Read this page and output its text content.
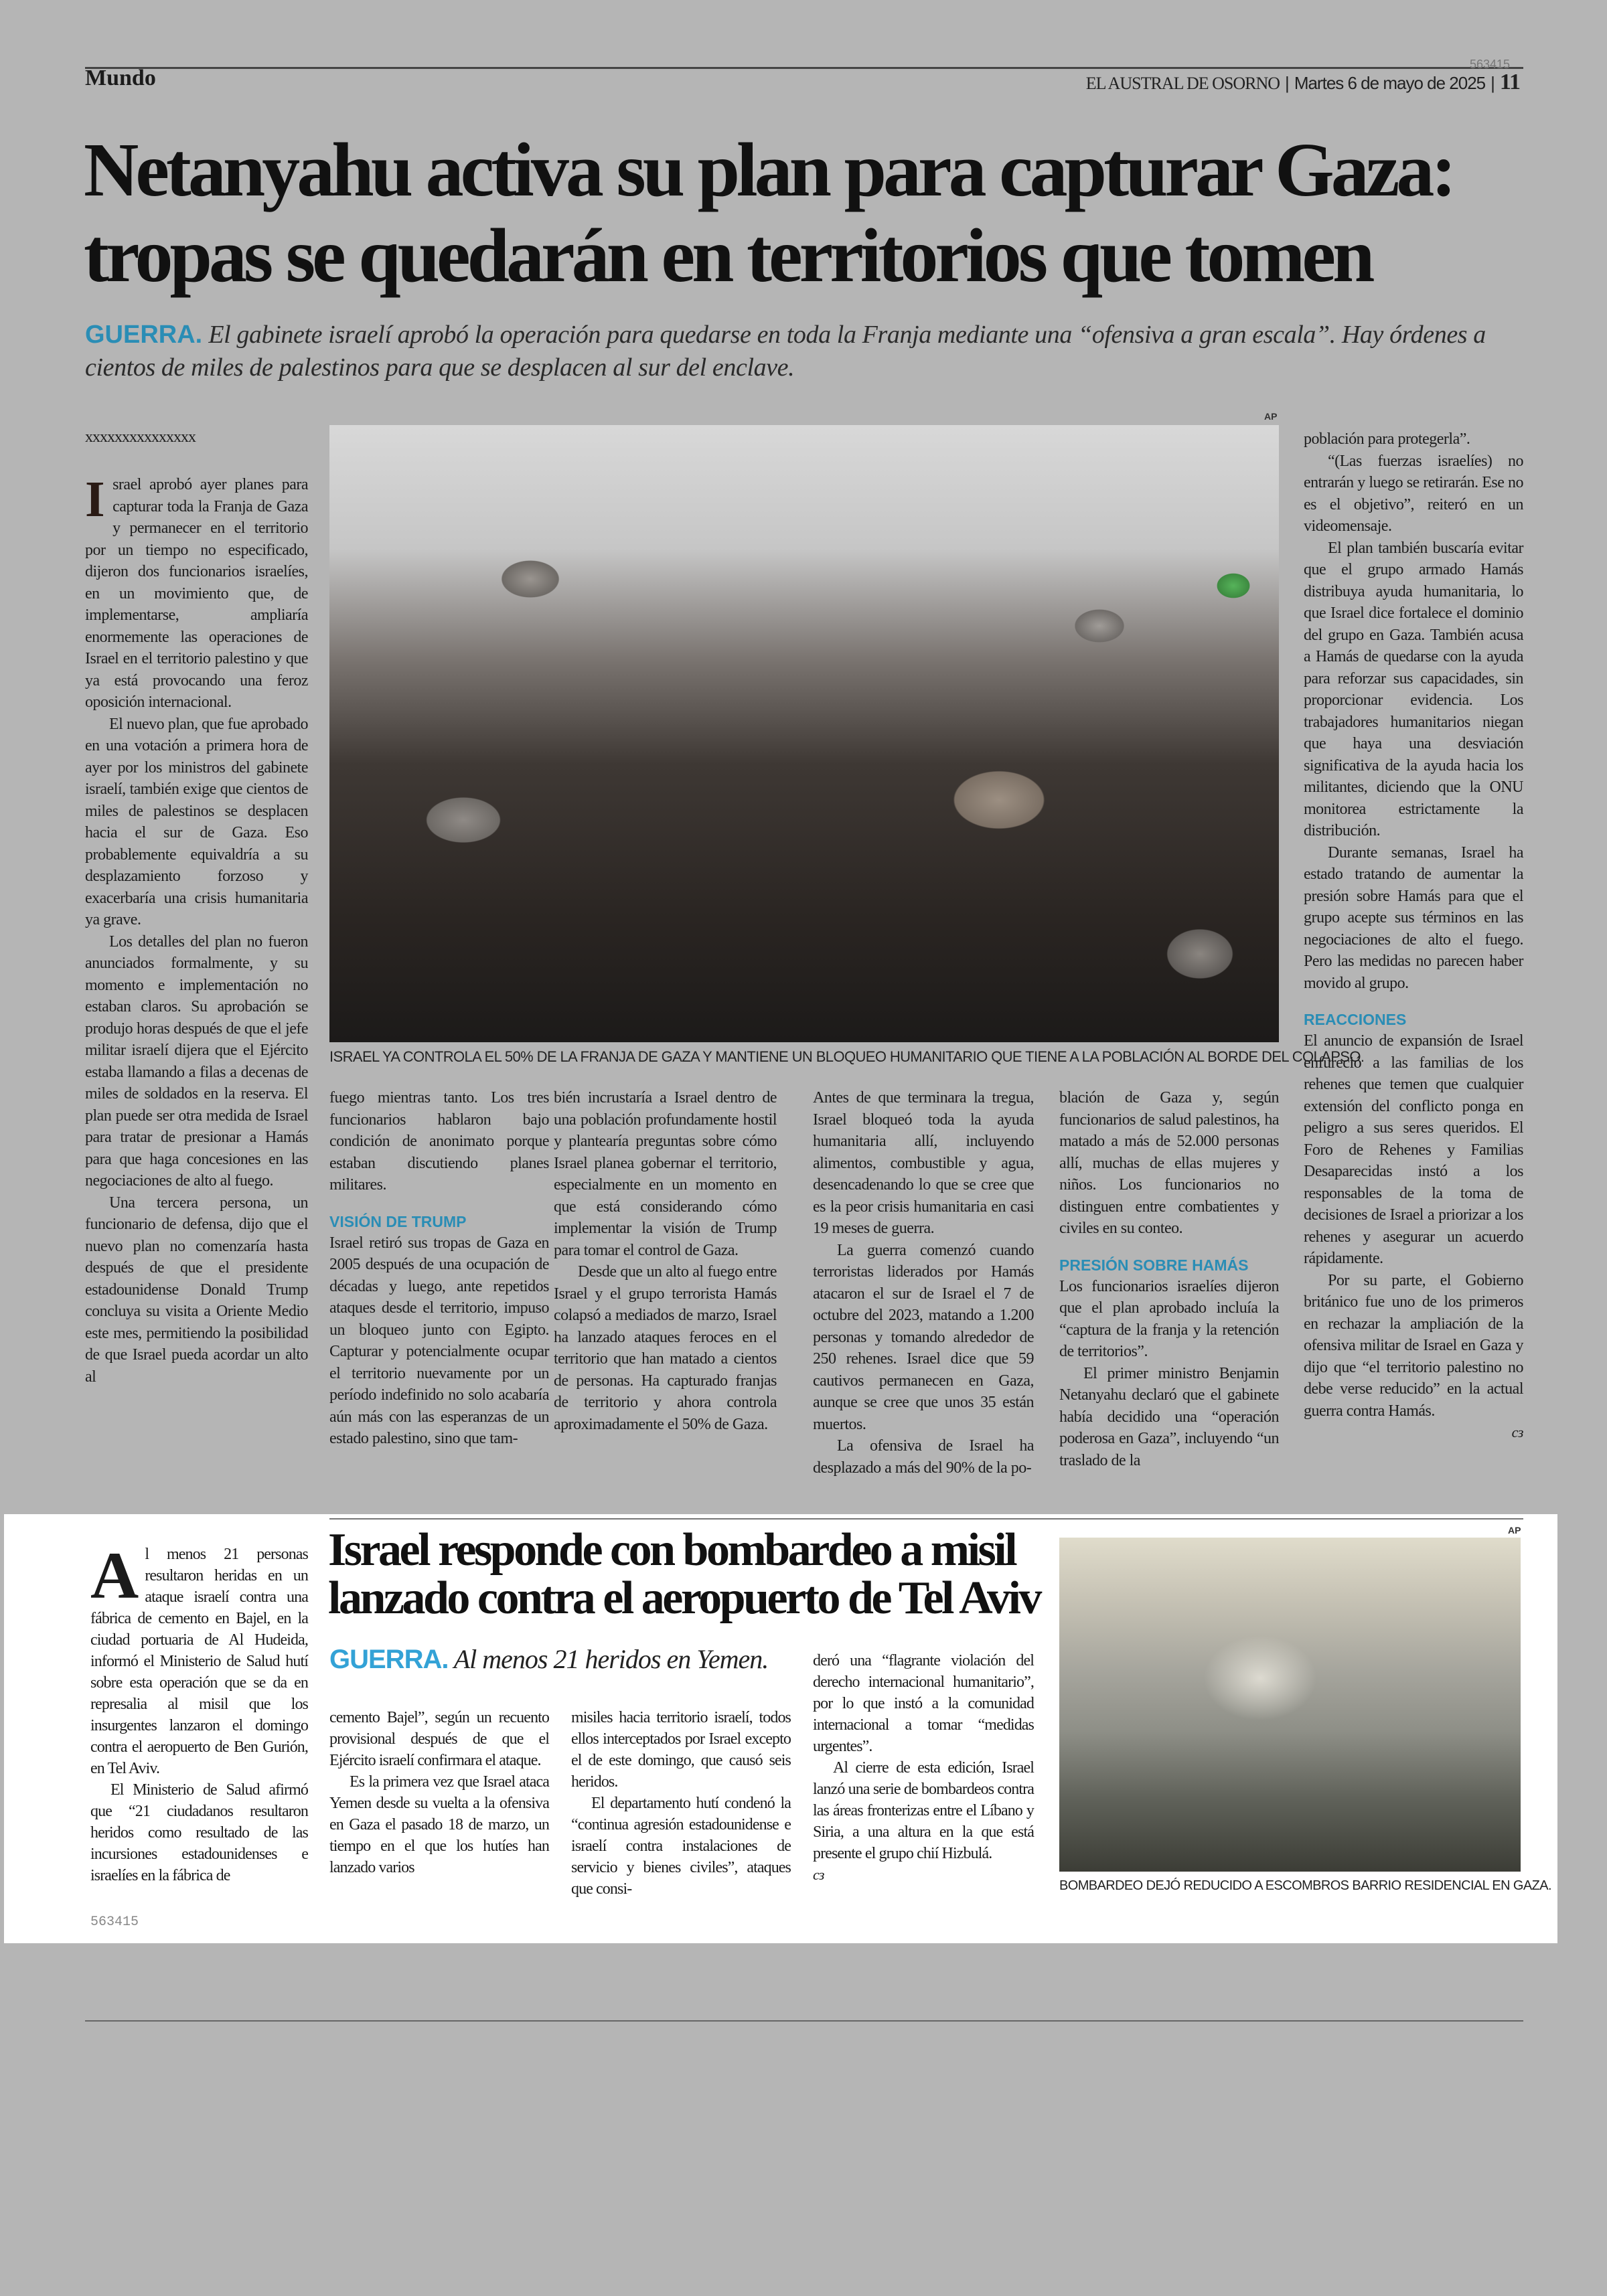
Mundo
563415
EL AUSTRAL DE OSORNO | Martes 6 de mayo de 2025 | 11
Netanyahu activa su plan para capturar Gaza:
tropas se quedarán en territorios que tomen
GUERRA. El gabinete israelí aprobó la operación para quedarse en toda la Franja mediante una “ofensiva a gran escala”. Hay órdenes a cientos de miles de palestinos para que se desplacen al sur del enclave.
xxxxxxxxxxxxxxx
I srael aprobó ayer planes para capturar toda la Franja de Gaza y permanecer en el territorio por un tiempo no especificado, dijeron dos funcionarios israelíes, en un movimiento que, de implementarse, ampliaría enormemente las operaciones de Israel en el territorio palestino y que ya está provocando una feroz oposición internacional.

El nuevo plan, que fue aprobado en una votación a primera hora de ayer por los ministros del gabinete israelí, también exige que cientos de miles de palestinos se desplacen hacia el sur de Gaza. Eso probablemente equivaldría a su desplazamiento forzoso y exacerbaría una crisis humanitaria ya grave.

Los detalles del plan no fueron anunciados formalmente, y su momento e implementación no estaban claros. Su aprobación se produjo horas después de que el jefe militar israelí dijera que el Ejército estaba llamando a filas a decenas de miles de soldados en la reserva. El plan puede ser otra medida de Israel para tratar de presionar a Hamás para que haga concesiones en las negociaciones de alto al fuego.

Una tercera persona, un funcionario de defensa, dijo que el nuevo plan no comenzaría hasta después de que el presidente estadounidense Donald Trump concluya su visita a Oriente Medio este mes, permitiendo la posibilidad de que Israel pueda acordar un alto al

AP
ISRAEL YA CONTROLA EL 50% DE LA FRANJA DE GAZA Y MANTIENE UN BLOQUEO HUMANITARIO QUE TIENE A LA POBLACIÓN AL BORDE DEL COLAPSO.

fuego mientras tanto. Los tres funcionarios hablaron bajo condición de anonimato porque estaban discutiendo planes militares.

VISIÓN DE TRUMP

Israel retiró sus tropas de Gaza en 2005 después de una ocupación de décadas y luego, ante repetidos ataques desde el territorio, impuso un bloqueo junto con Egipto. Capturar y potencialmente ocupar el territorio nuevamente por un período indefinido no solo acabaría aún más con las esperanzas de un estado palestino, sino que tam-

bién incrustaría a Israel dentro de una población profundamente hostil y plantearía preguntas sobre cómo Israel planea gobernar el territorio, especialmente en un momento en que está considerando cómo implementar la visión de Trump para tomar el control de Gaza.

Desde que un alto al fuego entre Israel y el grupo terrorista Hamás colapsó a mediados de marzo, Israel ha lanzado ataques feroces en el territorio que han matado a cientos de personas. Ha capturado franjas de territorio y ahora controla aproximadamente el 50% de Gaza.

Antes de que terminara la tregua, Israel bloqueó toda la ayuda humanitaria allí, incluyendo alimentos, combustible y agua, desencadenando lo que se cree que es la peor crisis humanitaria en casi 19 meses de guerra.

La guerra comenzó cuando terroristas liderados por Hamás atacaron el sur de Israel el 7 de octubre del 2023, matando a 1.200 personas y tomando alrededor de 250 rehenes. Israel dice que 59 cautivos permanecen en Gaza, aunque se cree que unos 35 están muertos.

La ofensiva de Israel ha desplazado a más del 90% de la po-

blación de Gaza y, según funcionarios de salud palestinos, ha matado a más de 52.000 personas allí, muchas de ellas mujeres y niños. Los funcionarios no distinguen entre combatientes y civiles en su conteo.

PRESIÓN SOBRE HAMÁS

Los funcionarios israelíes dijeron que el plan aprobado incluía la “captura de la franja y la retención de territorios”.

El primer ministro Benjamin Netanyahu declaró que el gabinete había decidido una “operación poderosa en Gaza”, incluyendo “un traslado de la

población para protegerla”.

“(Las fuerzas israelíes) no entrarán y luego se retirarán. Ese no es el objetivo”, reiteró en un videomensaje.

El plan también buscaría evitar que el grupo armado Hamás distribuya ayuda humanitaria, lo que Israel dice fortalece el dominio del grupo en Gaza. También acusa a Hamás de quedarse con la ayuda para reforzar sus capacidades, sin proporcionar evidencia. Los trabajadores humanitarios niegan que haya una desviación significativa de la ayuda hacia los militantes, diciendo que la ONU monitorea estrictamente la distribución.

Durante semanas, Israel ha estado tratando de aumentar la presión sobre Hamás para que el grupo acepte sus términos en las negociaciones de alto el fuego. Pero las medidas no parecen haber movido al grupo.

REACCIONES

El anuncio de expansión de Israel enfureció a las familias de los rehenes que temen que cualquier extensión del conflicto ponga en peligro a sus seres queridos. El Foro de Rehenes y Familias Desaparecidas instó a los responsables de la toma de decisiones de Israel a priorizar a los rehenes y asegurar un acuerdo rápidamente.

Por su parte, el Gobierno británico fue uno de los primeros en rechazar la ampliación de la ofensiva militar de Israel en Gaza y dijo que “el territorio palestino no debe verse reducido” en la actual guerra contra Hamás.

cз
A l menos 21 personas resultaron heridas en un ataque israelí contra una fábrica de cemento en Bajel, en la ciudad portuaria de Al Hudeida, informó el Ministerio de Salud hutí sobre esta operación que se da en represalia al misil que los insurgentes lanzaron el domingo contra el aeropuerto de Ben Gurión, en Tel Aviv.

El Ministerio de Salud afirmó que “21 ciudadanos resultaron heridos como resultado de las incursiones estadounidenses e israelíes en la fábrica de

563415
Israel responde con bombardeo a misil
lanzado contra el aeropuerto de Tel Aviv
GUERRA. Al menos 21 heridos en Yemen.

cemento Bajel”, según un recuento provisional después de que el Ejército israelí confirmara el ataque.

Es la primera vez que Israel ataca Yemen desde su vuelta a la ofensiva en Gaza el pasado 18 de marzo, un tiempo en el que los hutíes han lanzado varios

misiles hacia territorio israelí, todos ellos interceptados por Israel excepto el de este domingo, que causó seis heridos.

El departamento hutí condenó la “continua agresión estadounidense e israelí contra instalaciones de servicio y bienes civiles”, ataques que consi-

deró una “flagrante violación del derecho internacional humanitario”, por lo que instó a la comunidad internacional a tomar “medidas urgentes”.

Al cierre de esta edición, Israel lanzó una serie de bombardeos contra las áreas fronterizas entre el Líbano y Siria, a una altura en la que está presente el grupo chií Hizbulá.

cз
AP
BOMBARDEO DEJÓ REDUCIDO A ESCOMBROS BARRIO RESIDENCIAL EN GAZA.
